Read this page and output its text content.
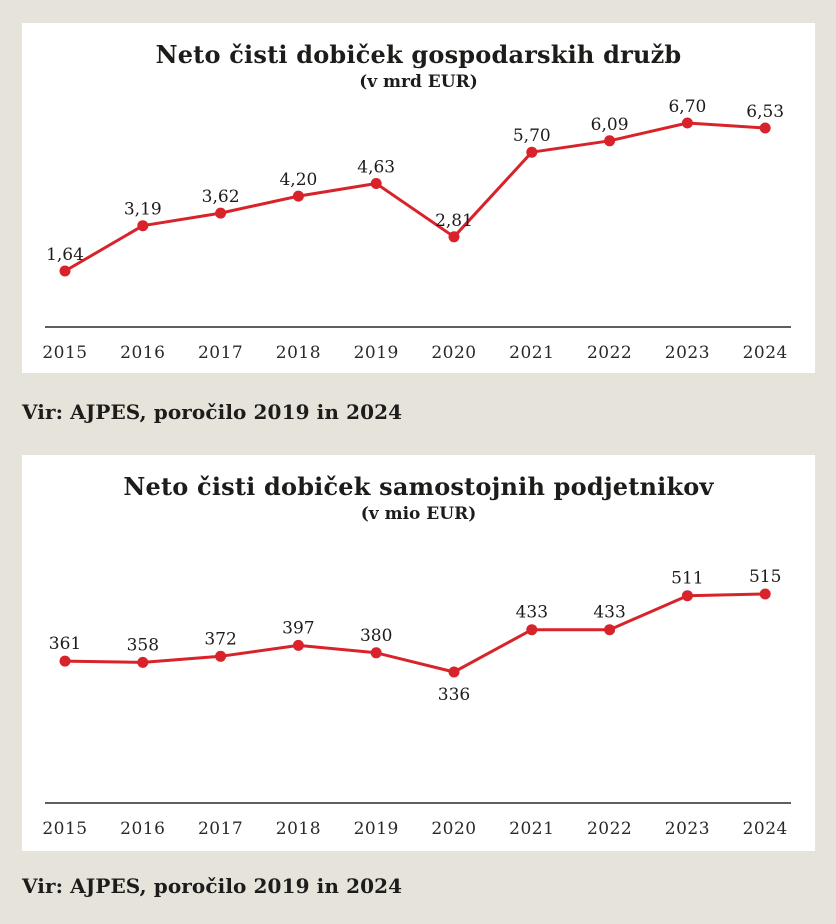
Neto čisti dobiček gospodarskih družb
(v mrd EUR)
1,64
2015
3,19
2016
3,62
2017
4,20
2018
4,63
2019
2,81
2020
5,70
2021
6,09
2022
6,70
2023
6,53
2024

Vir: AJPES, poročilo 2019 in 2024

Neto čisti dobiček samostojnih podjetnikov
(v mio EUR)
361
2015
358
2016
372
2017
397
2018
380
2019
336
2020
433
2021
433
2022
511
2023
515
2024

Vir: AJPES, poročilo 2019 in 2024
